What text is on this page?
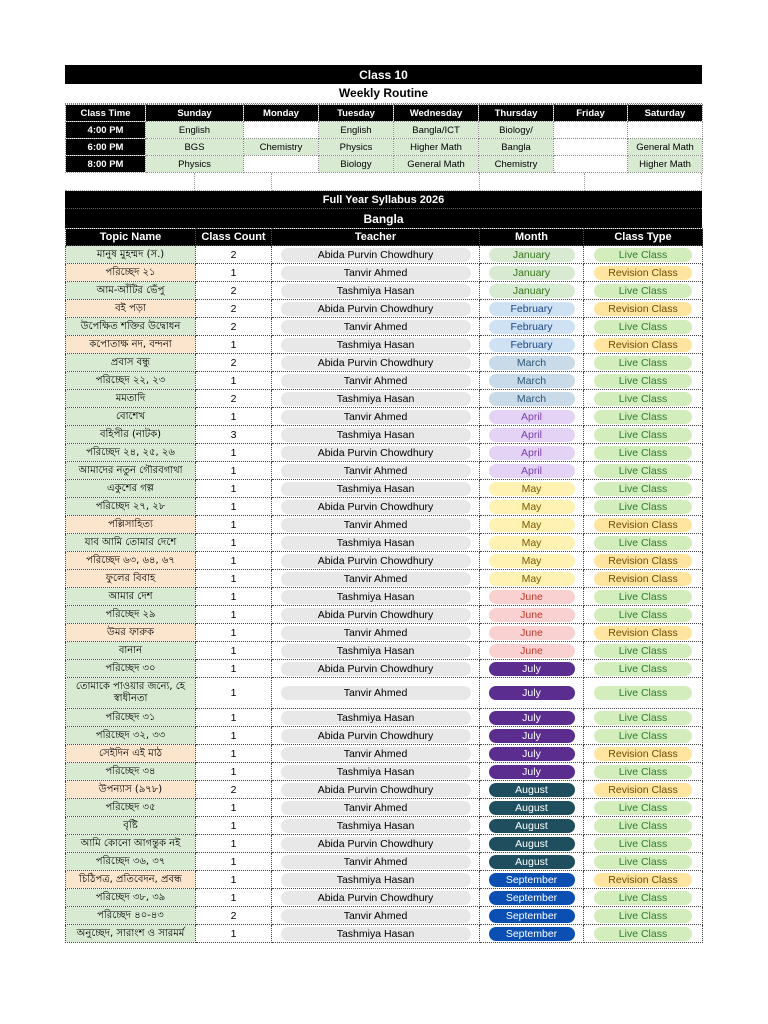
Class 10
Weekly Routine
Class Time	Sunday	Monday	Tuesday	Wednesday	Thursday	Friday	Saturday
4:00 PM	English		English	Bangla/ICT	Biology/		
6:00 PM	BGS	Chemistry	Physics	Higher Math	Bangla		General Math
8:00 PM	Physics		Biology	General Math	Chemistry		Higher Math
Full Year Syllabus 2026
Bangla
Topic Name	Class Count	Teacher	Month	Class Type
মানুষ মুহম্মদ (স.)	2	Abida Purvin Chowdhury	January	Live Class

পরিচ্ছেদ ২১	1	Tanvir Ahmed	January	Revision Class

আম-আঁটির ভেঁপু	2	Tashmiya Hasan	January	Live Class

বই পড়া	2	Abida Purvin Chowdhury	February	Revision Class

উপেক্ষিত শক্তির উদ্বোধন	2	Tanvir Ahmed	February	Live Class

কপোতাক্ষ নদ, বন্দনা	1	Tashmiya Hasan	February	Revision Class

প্রবাস বন্ধু	2	Abida Purvin Chowdhury	March	Live Class

পরিচ্ছেদ ২২, ২৩	1	Tanvir Ahmed	March	Live Class

মমতাদি	2	Tashmiya Hasan	March	Live Class

বোশেখ	1	Tanvir Ahmed	April	Live Class

বহিপীর (নাটক)	3	Tashmiya Hasan	April	Live Class

পরিচ্ছেদ ২৪, ২৫, ২৬	1	Abida Purvin Chowdhury	April	Live Class

আমাদের নতুন গৌরবগাথা	1	Tanvir Ahmed	April	Live Class

একুশের গল্প	1	Tashmiya Hasan	May	Live Class

পরিচ্ছেদ ২৭, ২৮	1	Abida Purvin Chowdhury	May	Live Class

পল্লিসাহিত্য	1	Tanvir Ahmed	May	Revision Class

যাব আমি তোমার দেশে	1	Tashmiya Hasan	May	Live Class

পরিচ্ছেদ ৬৩, ৬৪, ৬৭	1	Abida Purvin Chowdhury	May	Revision Class

ফুলের বিবাহ	1	Tanvir Ahmed	May	Revision Class

আমার দেশ	1	Tashmiya Hasan	June	Live Class

পরিচ্ছেদ ২৯	1	Abida Purvin Chowdhury	June	Live Class

উমর ফারুক	1	Tanvir Ahmed	June	Revision Class

বানান	1	Tashmiya Hasan	June	Live Class

পরিচ্ছেদ ৩০	1	Abida Purvin Chowdhury	July	Live Class

তোমাকে পাওয়ার জন্যে, হে স্বাধীনতা	1	Tanvir Ahmed	July	Live Class

পরিচ্ছেদ ৩১	1	Tashmiya Hasan	July	Live Class

পরিচ্ছেদ ৩২, ৩৩	1	Abida Purvin Chowdhury	July	Live Class

সেইদিন এই মাঠ	1	Tanvir Ahmed	July	Revision Class

পরিচ্ছেদ ৩৪	1	Tashmiya Hasan	July	Live Class

উপন্যাস (৯৭৮)	2	Abida Purvin Chowdhury	August	Revision Class

পরিচ্ছেদ ৩৫	1	Tanvir Ahmed	August	Live Class

বৃষ্টি	1	Tashmiya Hasan	August	Live Class

আমি কোনো আগন্তুক নই	1	Abida Purvin Chowdhury	August	Live Class

পরিচ্ছেদ ৩৬, ৩৭	1	Tanvir Ahmed	August	Live Class

চিঠিপত্র, প্রতিবেদন, প্রবন্ধ	1	Tashmiya Hasan	September	Revision Class

পরিচ্ছেদ ৩৮, ৩৯	1	Abida Purvin Chowdhury	September	Live Class

পরিচ্ছেদ ৪০-৪৩	2	Tanvir Ahmed	September	Live Class

অনুচ্ছেদ, সারাংশ ও সারমর্ম	1	Tashmiya Hasan	September	Live Class
